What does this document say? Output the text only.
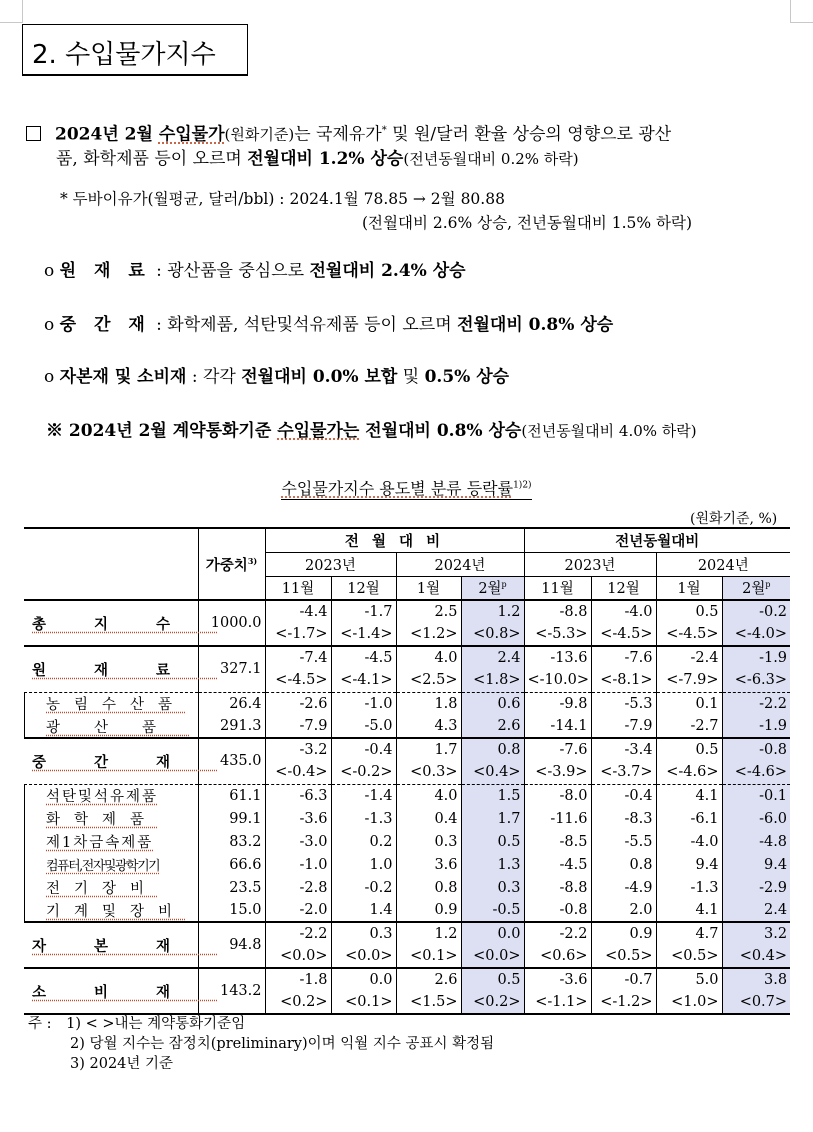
2. 수입물가지수
2024년 2월 수입물가(원화기준)는 국제유가* 및 원/달러 환율 상승의 영향으로 광산
품, 화학제품 등이 오르며 전월대비 1.2% 상승(전년동월대비 0.2% 하락)
* 두바이유가(월평균, 달러/bbl) : 2024.1월 78.85 → 2월 80.88
(전월대비 2.6% 상승, 전년동월대비 1.5% 하락)
o 원 재 료 : 광산품을 중심으로 전월대비 2.4% 상승
o 중 간 재 : 화학제품, 석탄및석유제품 등이 오르며 전월대비 0.8% 상승
o 자본재 및 소비재 : 각각 전월대비 0.0% 보합 및 0.5% 상승
※ 2024년 2월 계약통화기준 수입물가는 전월대비 0.8% 상승(전년동월대비 4.0% 하락)
수입물가지수 용도별 분류 등락률$^{1)2)}$
(원화기준, %)
	가중치$^{3)}$	전 월 대 비				전년동월대비			
		2023년		2024년		2023년		2024년	
		11월	12월	1월	2월$^p$	11월	12월	1월	2월$^p$
총지수	1000.0	-4.4	-1.7	2.5	1.2	-8.8	-4.0	0.5	-0.2
		<-1.7>	<-1.4>	<1.2>	<0.8>	<-5.3>	<-4.5>	<-4.5>	<-4.0>
원재료	327.1	-7.4	-4.5	4.0	2.4	-13.6	-7.6	-2.4	-1.9
		<-4.5>	<-4.1>	<2.5>	<1.8>	<-10.0>	<-8.1>	<-7.9>	<-6.3>
농림수산품	26.4	-2.6	-1.0	1.8	0.6	-9.8	-5.3	0.1	-2.2
광산품	291.3	-7.9	-5.0	4.3	2.6	-14.1	-7.9	-2.7	-1.9
중간재	435.0	-3.2	-0.4	1.7	0.8	-7.6	-3.4	0.5	-0.8
		<-0.4>	<-0.2>	<0.3>	<0.4>	<-3.9>	<-3.7>	<-4.6>	<-4.6>
석탄및석유제품	61.1	-6.3	-1.4	4.0	1.5	-8.0	-0.4	4.1	-0.1
화학제품	99.1	-3.6	-1.3	0.4	1.7	-11.6	-8.3	-6.1	-6.0
제1차금속제품	83.2	-3.0	0.2	0.3	0.5	-8.5	-5.5	-4.0	-4.8
컴퓨터,전자및광학기기	66.6	-1.0	1.0	3.6	1.3	-4.5	0.8	9.4	9.4
전기장비	23.5	-2.8	-0.2	0.8	0.3	-8.8	-4.9	-1.3	-2.9
기계및장비	15.0	-2.0	1.4	0.9	-0.5	-0.8	2.0	4.1	2.4
자본재	94.8	-2.2	0.3	1.2	0.0	-2.2	0.9	4.7	3.2
		<0.0>	<0.0>	<0.1>	<0.0>	<0.6>	<0.5>	<0.5>	<0.4>
소비재	143.2	-1.8	0.0	2.6	0.5	-3.6	-0.7	5.0	3.8
		<0.2>	<0.1>	<1.5>	<0.2>	<-1.1>	<-1.2>	<1.0>	<0.7>
주 : 1) < >내는 계약통화기준임
2) 당월 지수는 잠정치(preliminary)이며 익월 지수 공표시 확정됨
3) 2024년 기준
